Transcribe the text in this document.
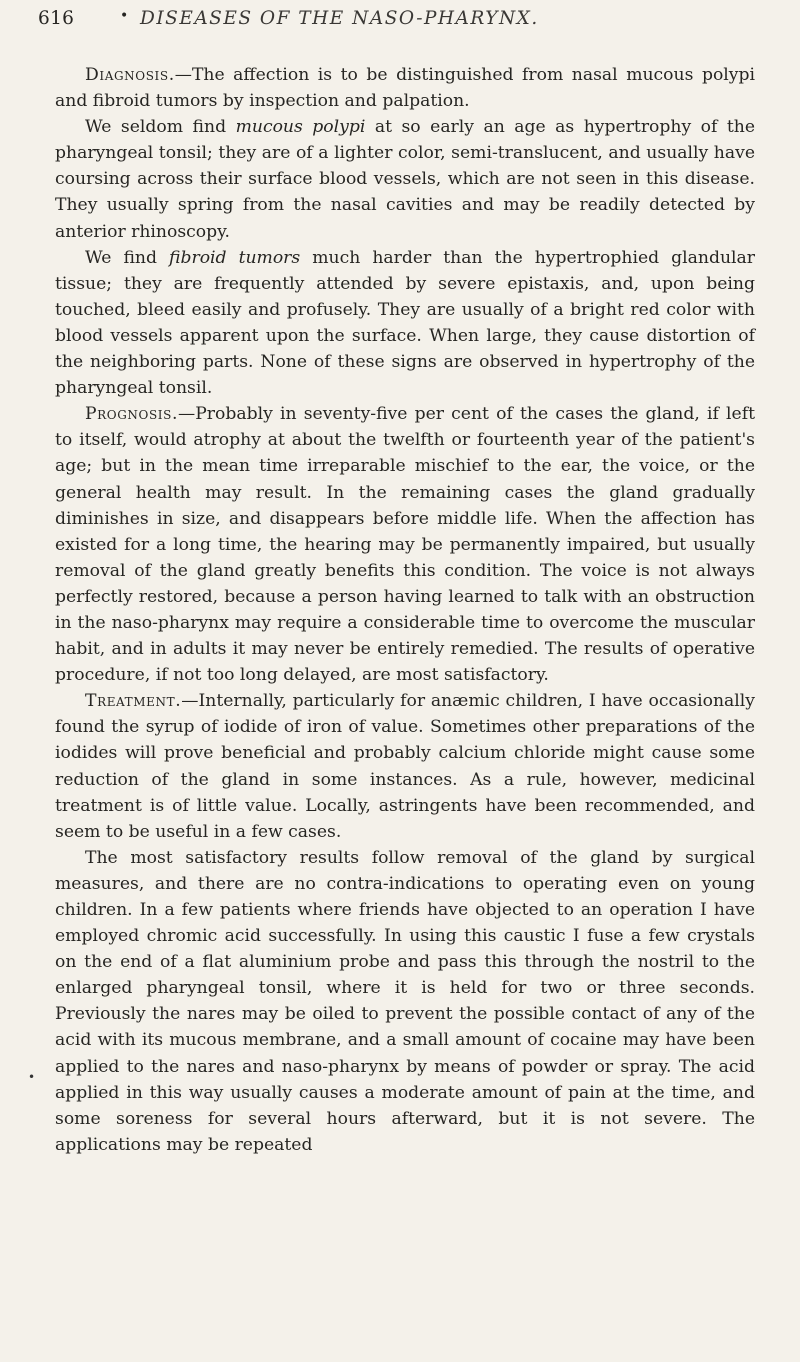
616	• DISEASES OF THE NASO-PHARYNX.
•

Diagnosis.—The affection is to be distinguished from nasal mucous polypi and fibroid tumors by inspection and palpation.

We seldom find mucous polypi at so early an age as hypertrophy of the pharyngeal tonsil; they are of a lighter color, semi-translucent, and usually have coursing across their surface blood vessels, which are not seen in this disease. They usually spring from the nasal cavities and may be readily detected by anterior rhinoscopy.

We find fibroid tumors much harder than the hypertrophied glandular tissue; they are frequently attended by severe epistaxis, and, upon being touched, bleed easily and profusely. They are usually of a bright red color with blood vessels apparent upon the surface. When large, they cause distortion of the neighboring parts. None of these signs are observed in hypertrophy of the pharyngeal tonsil.

Prognosis.—Probably in seventy-five per cent of the cases the gland, if left to itself, would atrophy at about the twelfth or fourteenth year of the patient's age; but in the mean time irreparable mischief to the ear, the voice, or the general health may result. In the remaining cases the gland gradually diminishes in size, and disappears before middle life. When the affection has existed for a long time, the hearing may be permanently impaired, but usually removal of the gland greatly benefits this condition. The voice is not always perfectly restored, because a person having learned to talk with an obstruction in the naso-pharynx may require a considerable time to overcome the muscular habit, and in adults it may never be entirely remedied. The results of operative procedure, if not too long delayed, are most satisfactory.

Treatment.—Internally, particularly for anæmic children, I have occasionally found the syrup of iodide of iron of value. Sometimes other preparations of the iodides will prove beneficial and probably calcium chloride might cause some reduction of the gland in some instances. As a rule, however, medicinal treatment is of little value. Locally, astringents have been recommended, and seem to be useful in a few cases.

The most satisfactory results follow removal of the gland by surgical measures, and there are no contra-indications to operating even on young children. In a few patients where friends have objected to an operation I have employed chromic acid successfully. In using this caustic I fuse a few crystals on the end of a flat aluminium probe and pass this through the nostril to the enlarged pharyngeal tonsil, where it is held for two or three seconds. Previously the nares may be oiled to prevent the possible contact of any of the acid with its mucous membrane, and a small amount of cocaine may have been applied to the nares and naso-pharynx by means of powder or spray. The acid applied in this way usually causes a moderate amount of pain at the time, and some soreness for several hours afterward, but it is not severe. The applications may be repeated
